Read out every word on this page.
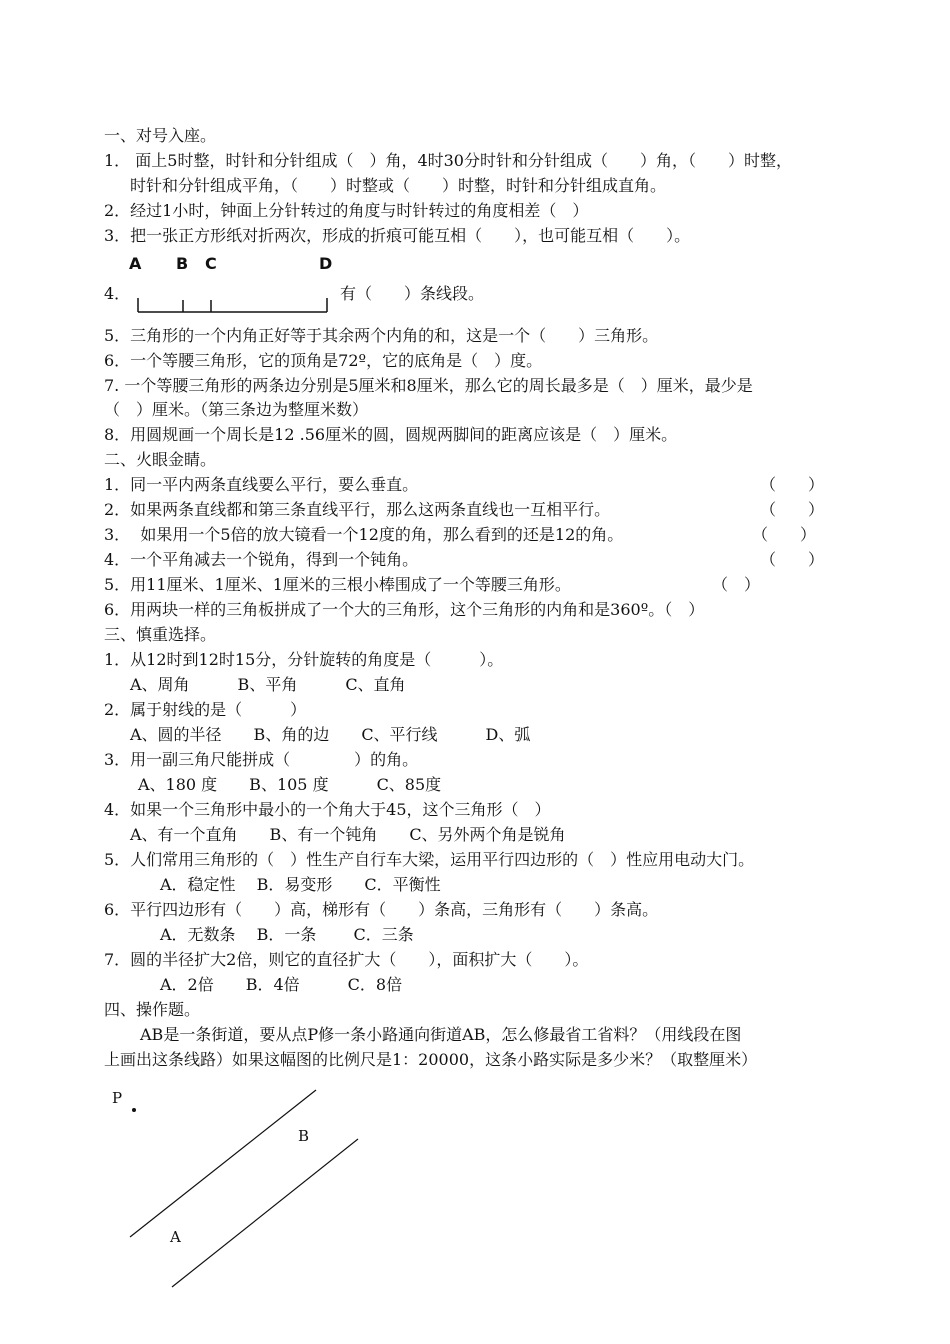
一、对号入座。
1． 面上5时整，时针和分针组成（　）角，4时30分时针和分针组成（　　）角，（　　）时整，
时针和分针组成平角，（　　）时整或（　　）时整，时针和分针组成直角。
2．经过1小时，钟面上分针转过的角度与时针转过的角度相差（　）
3．把一张正方形纸对折两次，形成的折痕可能互相（　　），也可能互相（　　）。
有（　　）条线段。
5．三角形的一个内角正好等于其余两个内角的和，这是一个（　　）三角形。
6．一个等腰三角形，它的顶角是72º，它的底角是（　）度。
7. 一个等腰三角形的两条边分别是5厘米和8厘米，那么它的周长最多是（　）厘米，最少是
（　）厘米。（第三条边为整厘米数）
8．用圆规画一个周长是12 .56厘米的圆，圆规两脚间的距离应该是（　）厘米。
二、火眼金睛。
1．同一平内两条直线要么平行，要么垂直。	（　　）
2．如果两条直线都和第三条直线平行，那么这两条直线也一互相平行。	（　　）
3．  如果用一个5倍的放大镜看一个12度的角，那么看到的还是12的角。	（　　）
4．一个平角减去一个锐角，得到一个钝角。	（　　）
5．用11厘米、1厘米、1厘米的三根小棒围成了一个等腰三角形。	（　）
6．用两块一样的三角板拼成了一个大的三角形，这个三角形的内角和是360º。（　）
三、慎重选择。
1．从12时到12时15分，分针旋转的角度是（　　　）。
A、周角　　　B、平角　　　C、直角
2．属于射线的是（　　　）
A、圆的半径　　B、角的边　　C、平行线　　　D、弧
3．用一副三角尺能拼成（　　　　）的角。
A、180 度　　B、105 度　　　C、85度
4．如果一个三角形中最小的一个角大于45，这个三角形（　）
A、有一个直角　　B、有一个钝角　　C、另外两个角是锐角
5．人们常用三角形的（　）性生产自行车大梁，运用平行四边形的（　）性应用电动大门。
A．稳定性　 B．易变形　　C．平衡性
6．平行四边形有（　　）高，梯形有（　　）条高，三角形有（　　）条高。
A．无数条　 B．一条　　 C．三条
7．圆的半径扩大2倍，则它的直径扩大（　　），面积扩大（　　）。
A．2倍　　B．4倍　　　C．8倍
四、操作题。
AB是一条街道，要从点P修一条小路通向街道AB，怎么修最省工省料？（用线段在图
上画出这条线路）如果这幅图的比例尺是1：20000，这条小路实际是多少米？（取整厘米）
4．
A B C	D
P
B
A
